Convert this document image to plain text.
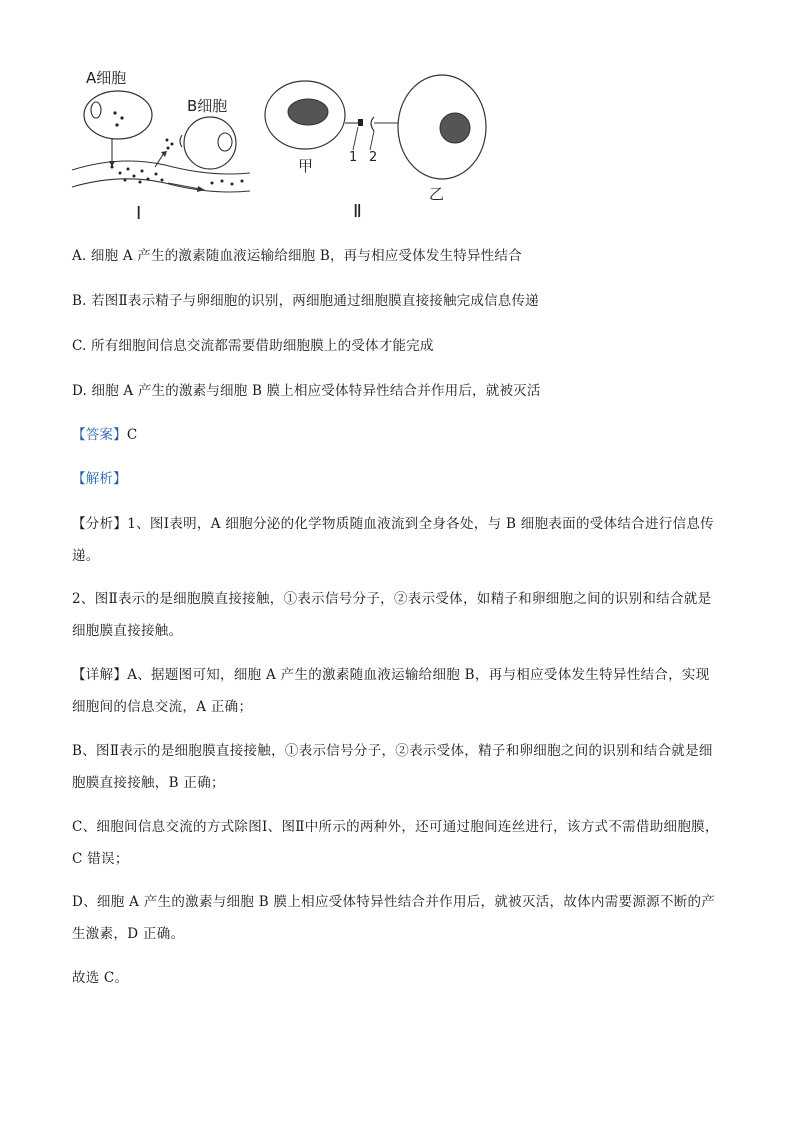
A细胞
B细胞
甲
乙
1 2
Ⅰ	Ⅱ
A. 细胞 A 产生的激素随血液运输给细胞 B，再与相应受体发生特异性结合
B. 若图Ⅱ表示精子与卵细胞的识别，两细胞通过细胞膜直接接触完成信息传递
C. 所有细胞间信息交流都需要借助细胞膜上的受体才能完成
D. 细胞 A 产生的激素与细胞 B 膜上相应受体特异性结合并作用后，就被灭活
【答案】C
【解析】
【分析】1、图Ⅰ表明，A 细胞分泌的化学物质随血液流到全身各处，与 B 细胞表面的受体结合进行信息传递。
2、图Ⅱ表示的是细胞膜直接接触，①表示信号分子，②表示受体，如精子和卵细胞之间的识别和结合就是细胞膜直接接触。
【详解】A、据题图可知，细胞 A 产生的激素随血液运输给细胞 B，再与相应受体发生特异性结合，实现细胞间的信息交流，A 正确；
B、图Ⅱ表示的是细胞膜直接接触，①表示信号分子，②表示受体，精子和卵细胞之间的识别和结合就是细胞膜直接接触，B 正确；
C、细胞间信息交流的方式除图Ⅰ、图Ⅱ中所示的两种外，还可通过胞间连丝进行，该方式不需借助细胞膜，C 错误；
D、细胞 A 产生的激素与细胞 B 膜上相应受体特异性结合并作用后，就被灭活，故体内需要源源不断的产生激素，D 正确。
故选 C。
